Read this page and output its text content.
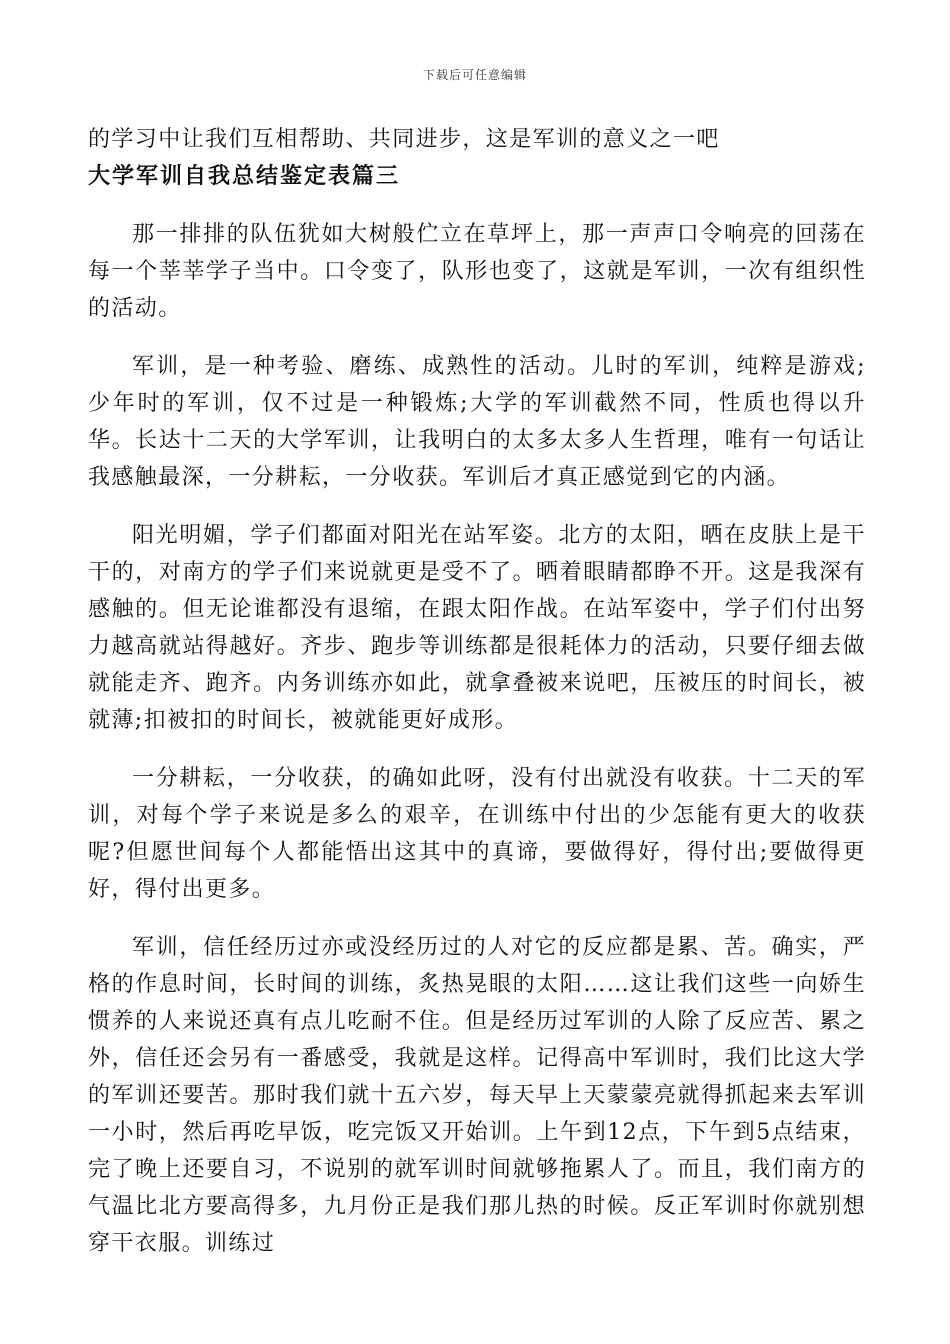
下载后可任意编辑

的学习中让我们互相帮助、共同进步，这是军训的意义之一吧

大学军训自我总结鉴定表篇三

那一排排的队伍犹如大树般伫立在草坪上，那一声声口令响亮的回荡在每一个莘莘学子当中。口令变了，队形也变了，这就是军训，一次有组织性的活动。

军训，是一种考验、磨练、成熟性的活动。儿时的军训，纯粹是游戏;少年时的军训，仅不过是一种锻炼;大学的军训截然不同，性质也得以升华。长达十二天的大学军训，让我明白的太多太多人生哲理，唯有一句话让我感触最深，一分耕耘，一分收获。军训后才真正感觉到它的内涵。

阳光明媚，学子们都面对阳光在站军姿。北方的太阳，晒在皮肤上是干干的，对南方的学子们来说就更是受不了。晒着眼睛都睁不开。这是我深有感触的。但无论谁都没有退缩，在跟太阳作战。在站军姿中，学子们付出努力越高就站得越好。齐步、跑步等训练都是很耗体力的活动，只要仔细去做就能走齐、跑齐。内务训练亦如此，就拿叠被来说吧，压被压的时间长，被就薄;扣被扣的时间长，被就能更好成形。

一分耕耘，一分收获，的确如此呀，没有付出就没有收获。十二天的军训，对每个学子来说是多么的艰辛，在训练中付出的少怎能有更大的收获呢?但愿世间每个人都能悟出这其中的真谛，要做得好，得付出;要做得更好，得付出更多。

军训，信任经历过亦或没经历过的人对它的反应都是累、苦。确实，严格的作息时间，长时间的训练，炙热晃眼的太阳……这让我们这些一向娇生惯养的人来说还真有点儿吃耐不住。但是经历过军训的人除了反应苦、累之外，信任还会另有一番感受，我就是这样。记得高中军训时，我们比这大学的军训还要苦。那时我们就十五六岁，每天早上天蒙蒙亮就得抓起来去军训一小时，然后再吃早饭，吃完饭又开始训。上午到12点，下午到5点结束，完了晚上还要自习，不说别的就军训时间就够拖累人了。而且，我们南方的气温比北方要高得多，九月份正是我们那儿热的时候。反正军训时你就别想穿干衣服。训练过
